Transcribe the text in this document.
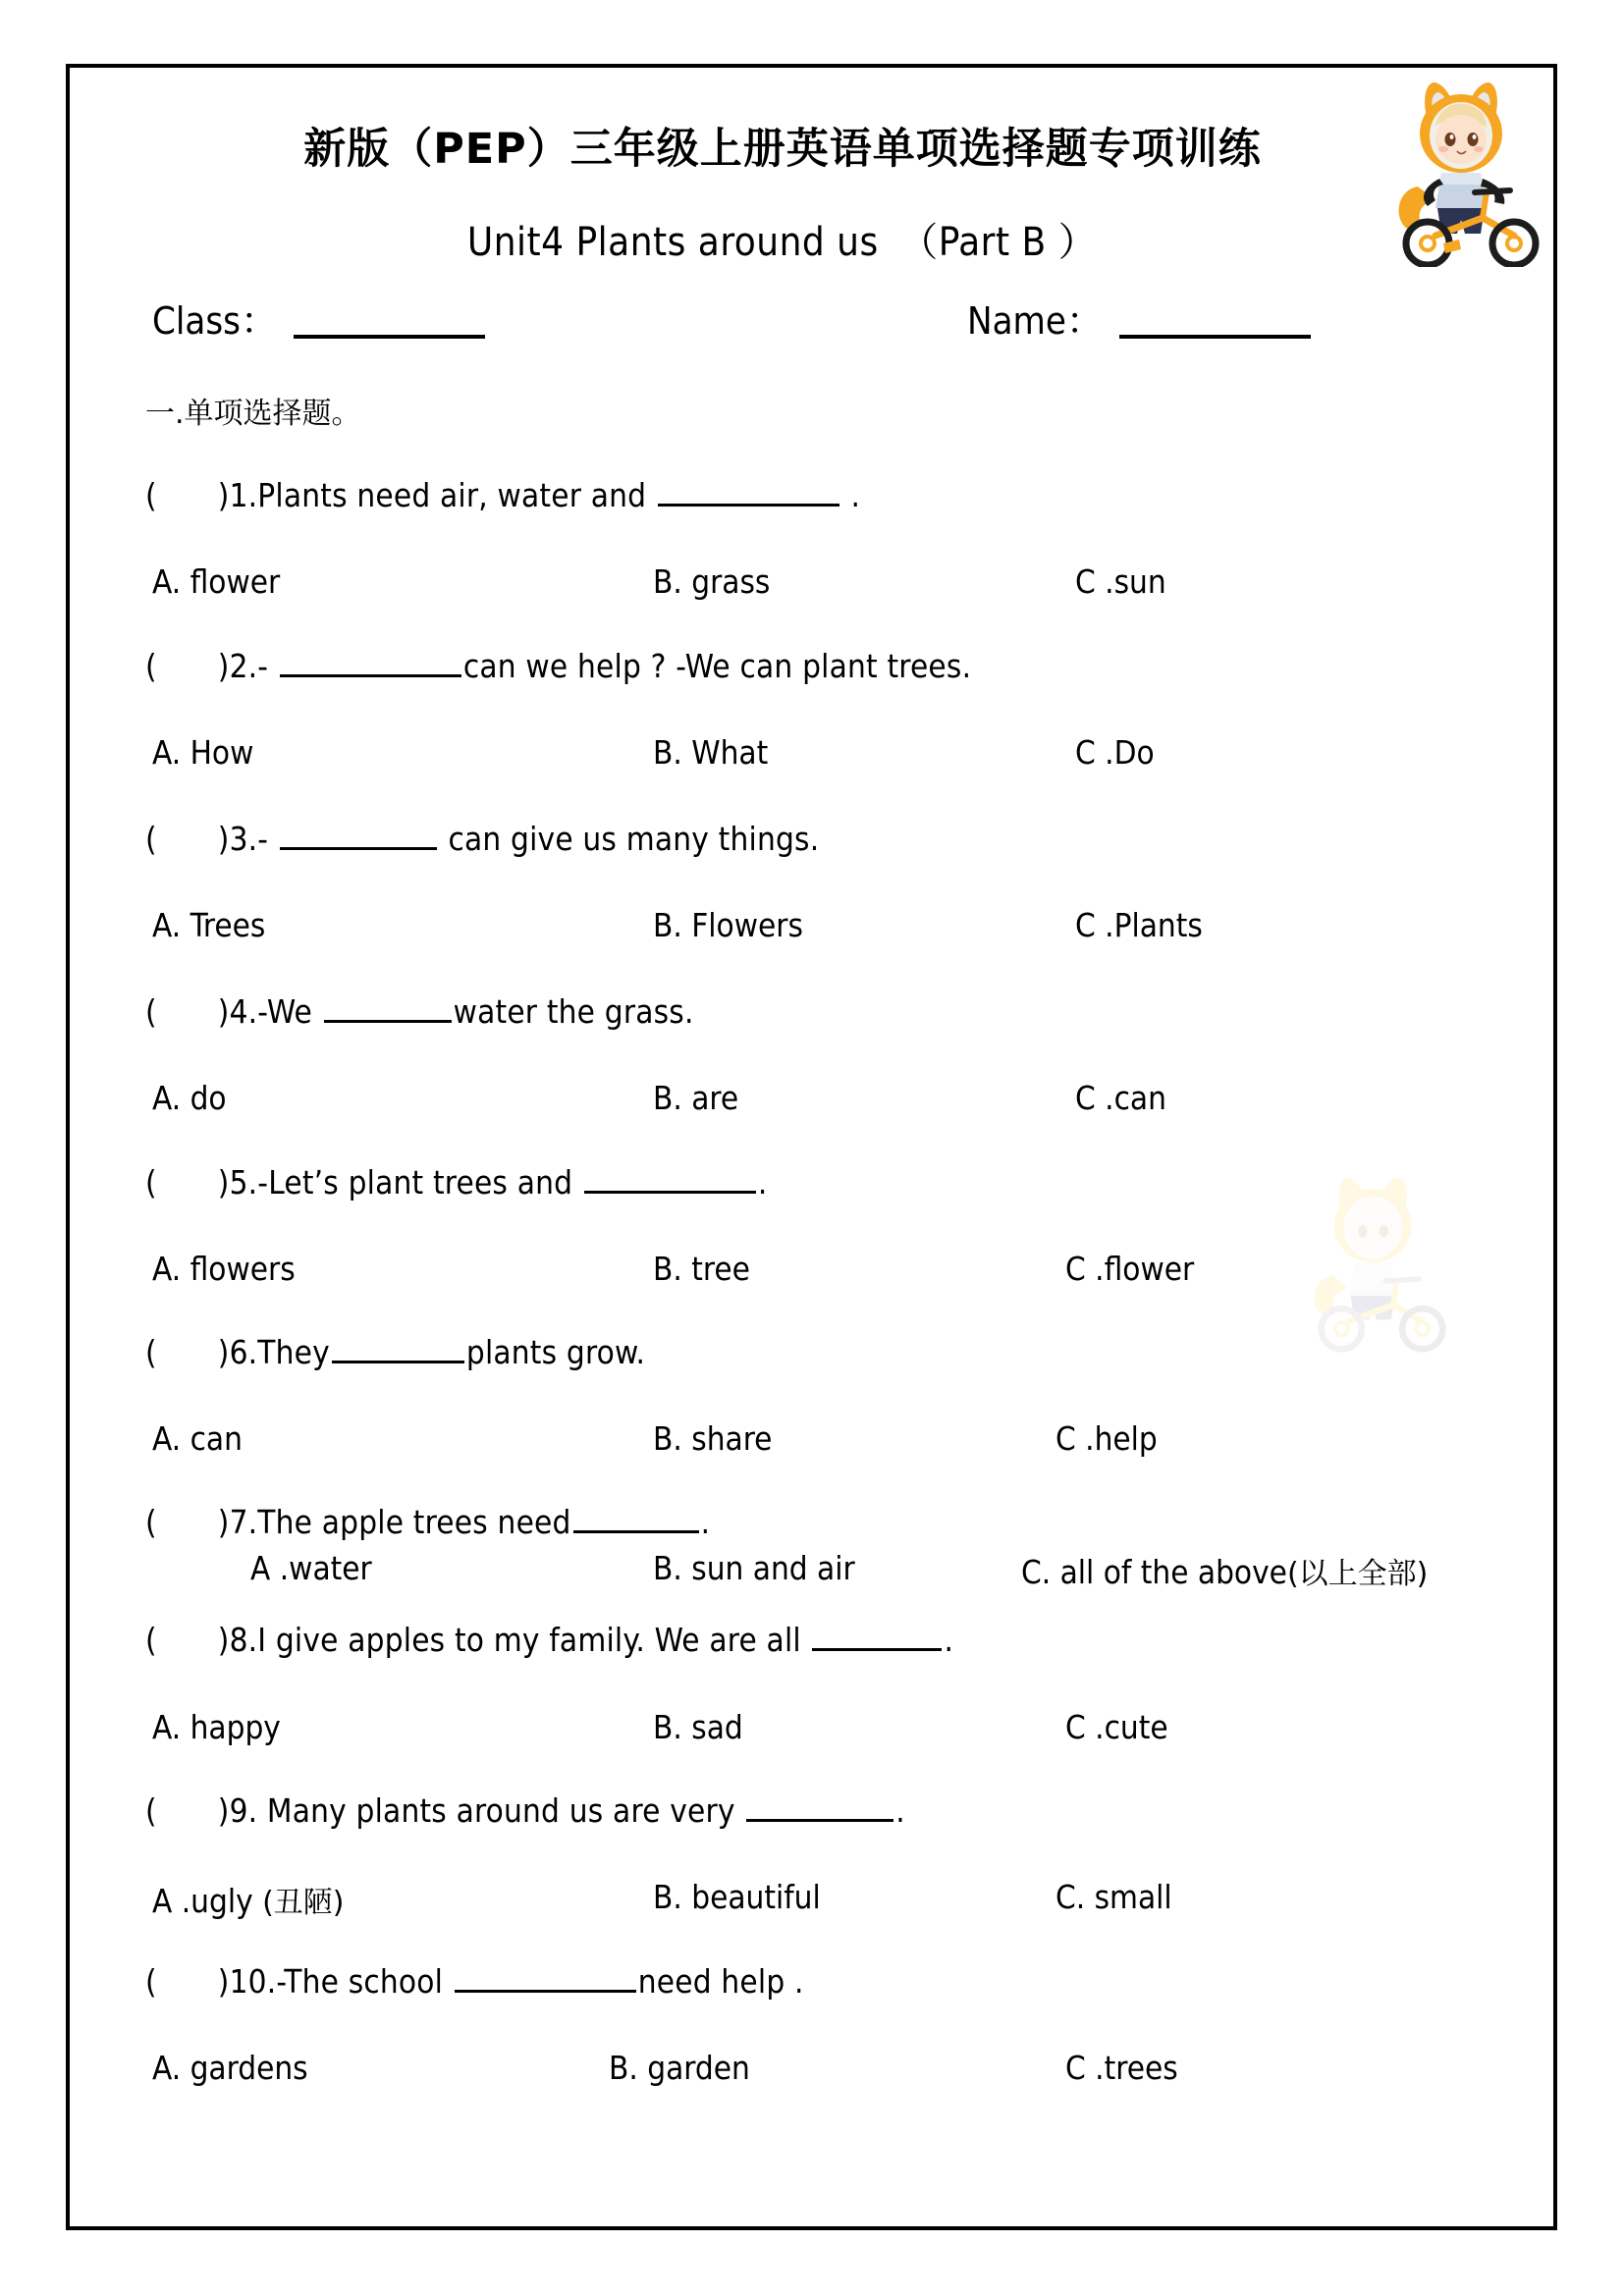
新版（PEP）三年级上册英语单项选择题专项训练
Unit4 Plants around us　（Part B ）
Class：	Name：
一.单项选择题。
( )1.Plants need air, water and	.
A. flower	B. grass	C .sun
( )2.-	can we help ? -We can plant trees.
A. How	B. What	C .Do
( )3.-	can give us many things.
A. Trees	B. Flowers	C .Plants
( )4.-We	water the grass.
A. do	B. are	C .can
( )5.-Let’s plant trees and	.
A. flowers	B. tree	C .flower
( )6.They	plants grow.
A. can	B. share	C .help
( )7.The apple trees need	.
A .water	B. sun and air	C. all of the above(以上全部)
( )8.I give apples to my family. We are all	.
A. happy	B. sad	C .cute
( )9. Many plants around us are very	.
A .ugly (丑陋)	B. beautiful	C. small
( )10.-The school	need help .
A. gardens	B. garden	C .trees
